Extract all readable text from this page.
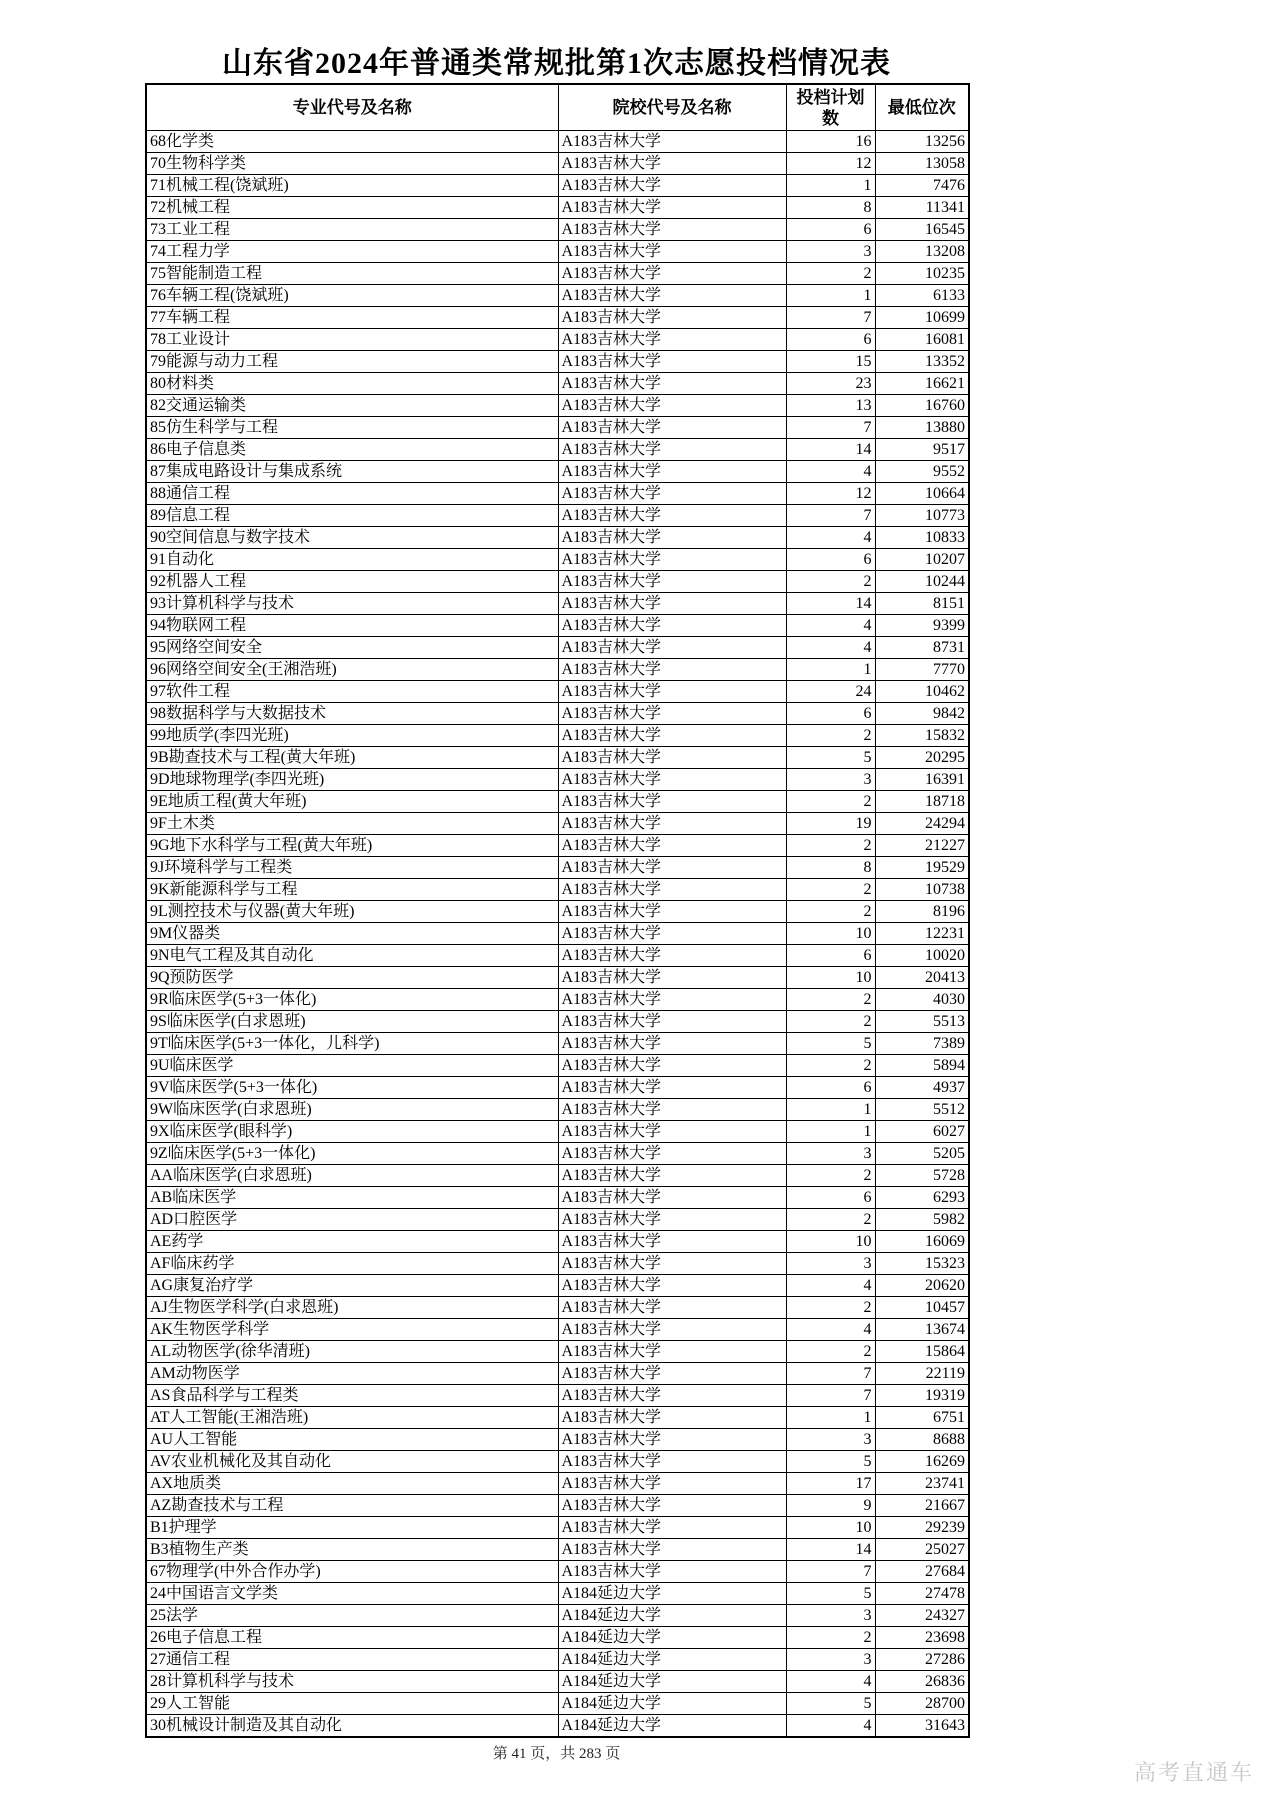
山东省2024年普通类常规批第1次志愿投档情况表
专业代号及名称	院校代号及名称	投档计划数	最低位次
68化学类	A183吉林大学	16	13256
70生物科学类	A183吉林大学	12	13058
71机械工程(饶斌班)	A183吉林大学	1	7476
72机械工程	A183吉林大学	8	11341
73工业工程	A183吉林大学	6	16545
74工程力学	A183吉林大学	3	13208
75智能制造工程	A183吉林大学	2	10235
76车辆工程(饶斌班)	A183吉林大学	1	6133
77车辆工程	A183吉林大学	7	10699
78工业设计	A183吉林大学	6	16081
79能源与动力工程	A183吉林大学	15	13352
80材料类	A183吉林大学	23	16621
82交通运输类	A183吉林大学	13	16760
85仿生科学与工程	A183吉林大学	7	13880
86电子信息类	A183吉林大学	14	9517
87集成电路设计与集成系统	A183吉林大学	4	9552
88通信工程	A183吉林大学	12	10664
89信息工程	A183吉林大学	7	10773
90空间信息与数字技术	A183吉林大学	4	10833
91自动化	A183吉林大学	6	10207
92机器人工程	A183吉林大学	2	10244
93计算机科学与技术	A183吉林大学	14	8151
94物联网工程	A183吉林大学	4	9399
95网络空间安全	A183吉林大学	4	8731
96网络空间安全(王湘浩班)	A183吉林大学	1	7770
97软件工程	A183吉林大学	24	10462
98数据科学与大数据技术	A183吉林大学	6	9842
99地质学(李四光班)	A183吉林大学	2	15832
9B勘查技术与工程(黄大年班)	A183吉林大学	5	20295
9D地球物理学(李四光班)	A183吉林大学	3	16391
9E地质工程(黄大年班)	A183吉林大学	2	18718
9F土木类	A183吉林大学	19	24294
9G地下水科学与工程(黄大年班)	A183吉林大学	2	21227
9J环境科学与工程类	A183吉林大学	8	19529
9K新能源科学与工程	A183吉林大学	2	10738
9L测控技术与仪器(黄大年班)	A183吉林大学	2	8196
9M仪器类	A183吉林大学	10	12231
9N电气工程及其自动化	A183吉林大学	6	10020
9Q预防医学	A183吉林大学	10	20413
9R临床医学(5+3一体化)	A183吉林大学	2	4030
9S临床医学(白求恩班)	A183吉林大学	2	5513
9T临床医学(5+3一体化，儿科学)	A183吉林大学	5	7389
9U临床医学	A183吉林大学	2	5894
9V临床医学(5+3一体化)	A183吉林大学	6	4937
9W临床医学(白求恩班)	A183吉林大学	1	5512
9X临床医学(眼科学)	A183吉林大学	1	6027
9Z临床医学(5+3一体化)	A183吉林大学	3	5205
AA临床医学(白求恩班)	A183吉林大学	2	5728
AB临床医学	A183吉林大学	6	6293
AD口腔医学	A183吉林大学	2	5982
AE药学	A183吉林大学	10	16069
AF临床药学	A183吉林大学	3	15323
AG康复治疗学	A183吉林大学	4	20620
AJ生物医学科学(白求恩班)	A183吉林大学	2	10457
AK生物医学科学	A183吉林大学	4	13674
AL动物医学(徐华清班)	A183吉林大学	2	15864
AM动物医学	A183吉林大学	7	22119
AS食品科学与工程类	A183吉林大学	7	19319
AT人工智能(王湘浩班)	A183吉林大学	1	6751
AU人工智能	A183吉林大学	3	8688
AV农业机械化及其自动化	A183吉林大学	5	16269
AX地质类	A183吉林大学	17	23741
AZ勘查技术与工程	A183吉林大学	9	21667
B1护理学	A183吉林大学	10	29239
B3植物生产类	A183吉林大学	14	25027
67物理学(中外合作办学)	A183吉林大学	7	27684
24中国语言文学类	A184延边大学	5	27478
25法学	A184延边大学	3	24327
26电子信息工程	A184延边大学	2	23698
27通信工程	A184延边大学	3	27286
28计算机科学与技术	A184延边大学	4	26836
29人工智能	A184延边大学	5	28700
30机械设计制造及其自动化	A184延边大学	4	31643
第 41 页，共 283 页
高考直通车
